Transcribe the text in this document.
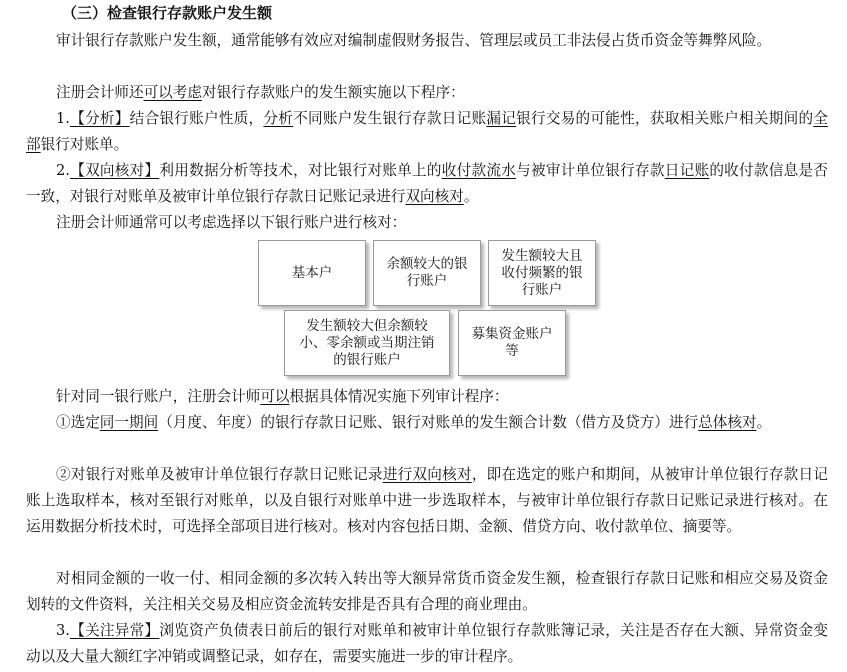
（三）检查银行存款账户发生额

审计银行存款账户发生额，通常能够有效应对编制虚假财务报告、管理层或员工非法侵占货币资金等舞弊风险。

注册会计师还可以考虑对银行存款账户的发生额实施以下程序：

1.【分析】结合银行账户性质，分析不同账户发生银行存款日记账漏记银行交易的可能性，获取相关账户相关期间的全部银行对账单。

2.【双向核对】利用数据分析等技术，对比银行对账单上的收付款流水与被审计单位银行存款日记账的收付款信息是否一致，对银行对账单及被审计单位银行存款日记账记录进行双向核对。

注册会计师通常可以考虑选择以下银行账户进行核对：

基本户
余额较大的银行账户
发生额较大且收付频繁的银行账户
发生额较大但余额较小、零余额或当期注销的银行账户
募集资金账户等

针对同一银行账户，注册会计师可以根据具体情况实施下列审计程序：

①选定同一期间（月度、年度）的银行存款日记账、银行对账单的发生额合计数（借方及贷方）进行总体核对。

②对银行对账单及被审计单位银行存款日记账记录进行双向核对，即在选定的账户和期间，从被审计单位银行存款日记账上选取样本，核对至银行对账单，以及自银行对账单中进一步选取样本，与被审计单位银行存款日记账记录进行核对。在运用数据分析技术时，可选择全部项目进行核对。核对内容包括日期、金额、借贷方向、收付款单位、摘要等。

对相同金额的一收一付、相同金额的多次转入转出等大额异常货币资金发生额，检查银行存款日记账和相应交易及资金划转的文件资料，关注相关交易及相应资金流转安排是否具有合理的商业理由。

3.【关注异常】浏览资产负债表日前后的银行对账单和被审计单位银行存款账簿记录，关注是否存在大额、异常资金变动以及大量大额红字冲销或调整记录，如存在，需要实施进一步的审计程序。
